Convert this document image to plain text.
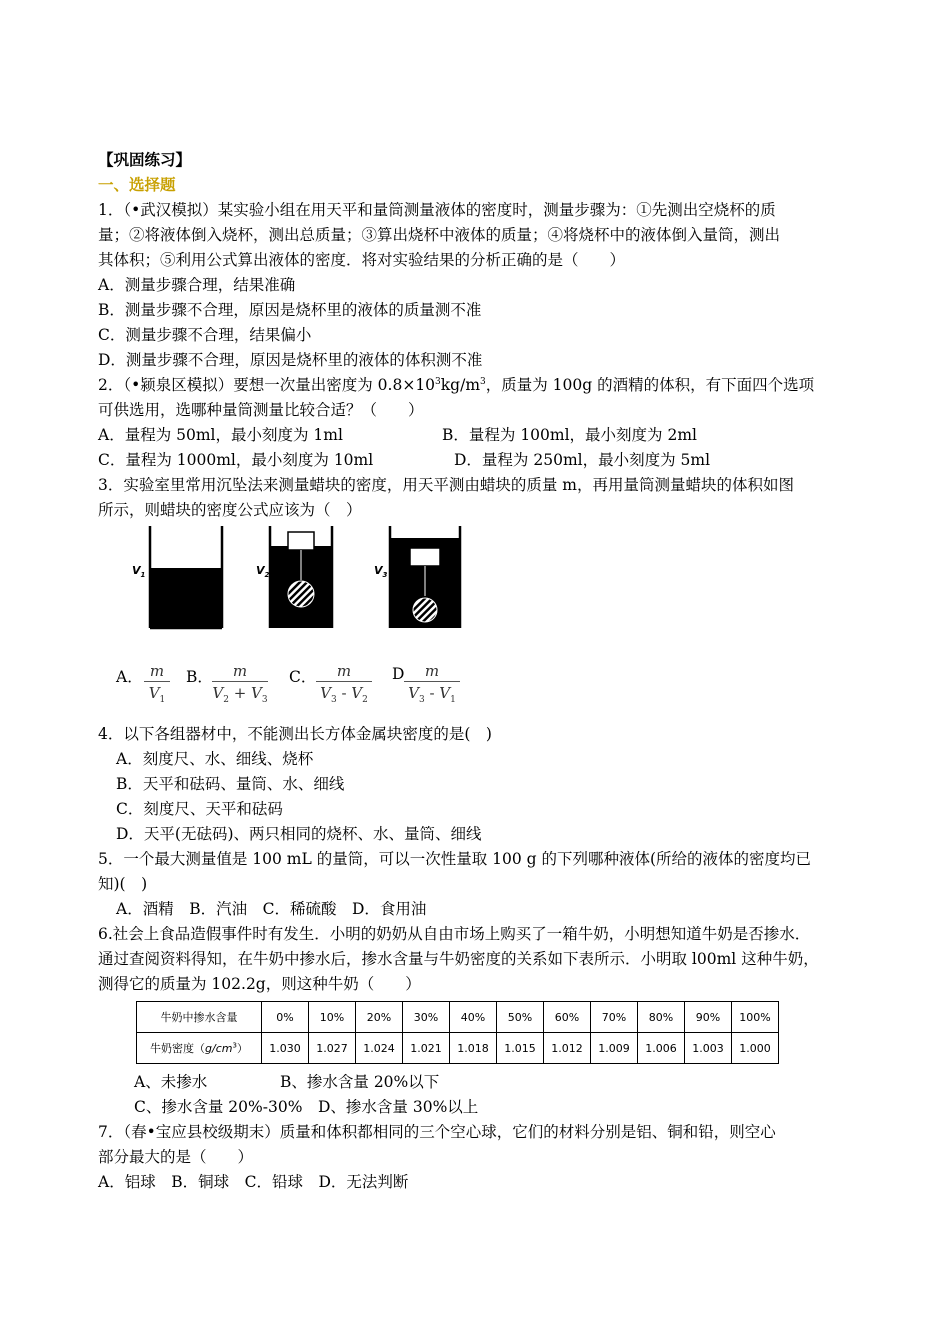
【巩固练习】
一、选择题
1．（•武汉模拟）某实验小组在用天平和量筒测量液体的密度时，测量步骤为：①先测出空烧杯的质
量；②将液体倒入烧杯，测出总质量；③算出烧杯中液体的质量；④将烧杯中的液体倒入量筒，测出
其体积；⑤利用公式算出液体的密度．将对实验结果的分析正确的是（　　）
A．测量步骤合理，结果准确
B．测量步骤不合理，原因是烧杯里的液体的质量测不准
C．测量步骤不合理，结果偏小
D．测量步骤不合理，原因是烧杯里的液体的体积测不准
2．（•颍泉区模拟）要想一次量出密度为 $0.8\times 10^3kg/m^3$，质量为 100g 的酒精的体积，有下面四个选项
可供选用，选哪种量筒测量比较合适？（　　）
A．量程为 50ml，最小刻度为 1ml	B．量程为 100ml，最小刻度为 2ml
C．量程为 1000ml，最小刻度为 10ml	D．量程为 250ml，最小刻度为 5ml
3．实验室里常用沉坠法来测量蜡块的密度，用天平测由蜡块的质量 m，再用量筒测量蜡块的体积如图
所示，则蜡块的密度公式应该为（　）
$V_1$	$V_2$	$V_3$
A． m
$V_1$
B．	m
$V_2 + V_3$
C．	m
$V_3 - V_2$
D	m
$V_3 - V_1$
4．以下各组器材中，不能测出长方体金属块密度的是(　)
A．刻度尺、水、细线、烧杯
B．天平和砝码、量筒、水、细线
C．刻度尺、天平和砝码
D．天平(无砝码)、两只相同的烧杯、水、量筒、细线
5．一个最大测量值是 100 mL 的量筒，可以一次性量取 100 g 的下列哪种液体(所给的液体的密度均已
知)(　)
A．酒精　B．汽油　C．稀硫酸　D．食用油
6.社会上食品造假事件时有发生．小明的奶奶从自由市场上购买了一箱牛奶，小明想知道牛奶是否掺水．
通过查阅资料得知，在牛奶中掺水后，掺水含量与牛奶密度的关系如下表所示．小明取 l00ml 这种牛奶，
测得它的质量为 102.2g，则这种牛奶（　　）
牛奶中掺水含量	0%	10%	20%	30%	40%	50%	60%	70%	80%	90%	100%
牛奶密度$(g/cm^3)$	1.030	1.027	1.024	1.021	1.018	1.015	1.012	1.009	1.006	1.003	1.000
A、未掺水	B、掺水含量 20%以下
C、掺水含量 20%-30% D、掺水含量 30%以上
7．（春•宝应县校级期末）质量和体积都相同的三个空心球，它们的材料分别是铝、铜和铅，则空心
部分最大的是（　　）
A．铝球　B．铜球　C．铅球　D．无法判断
